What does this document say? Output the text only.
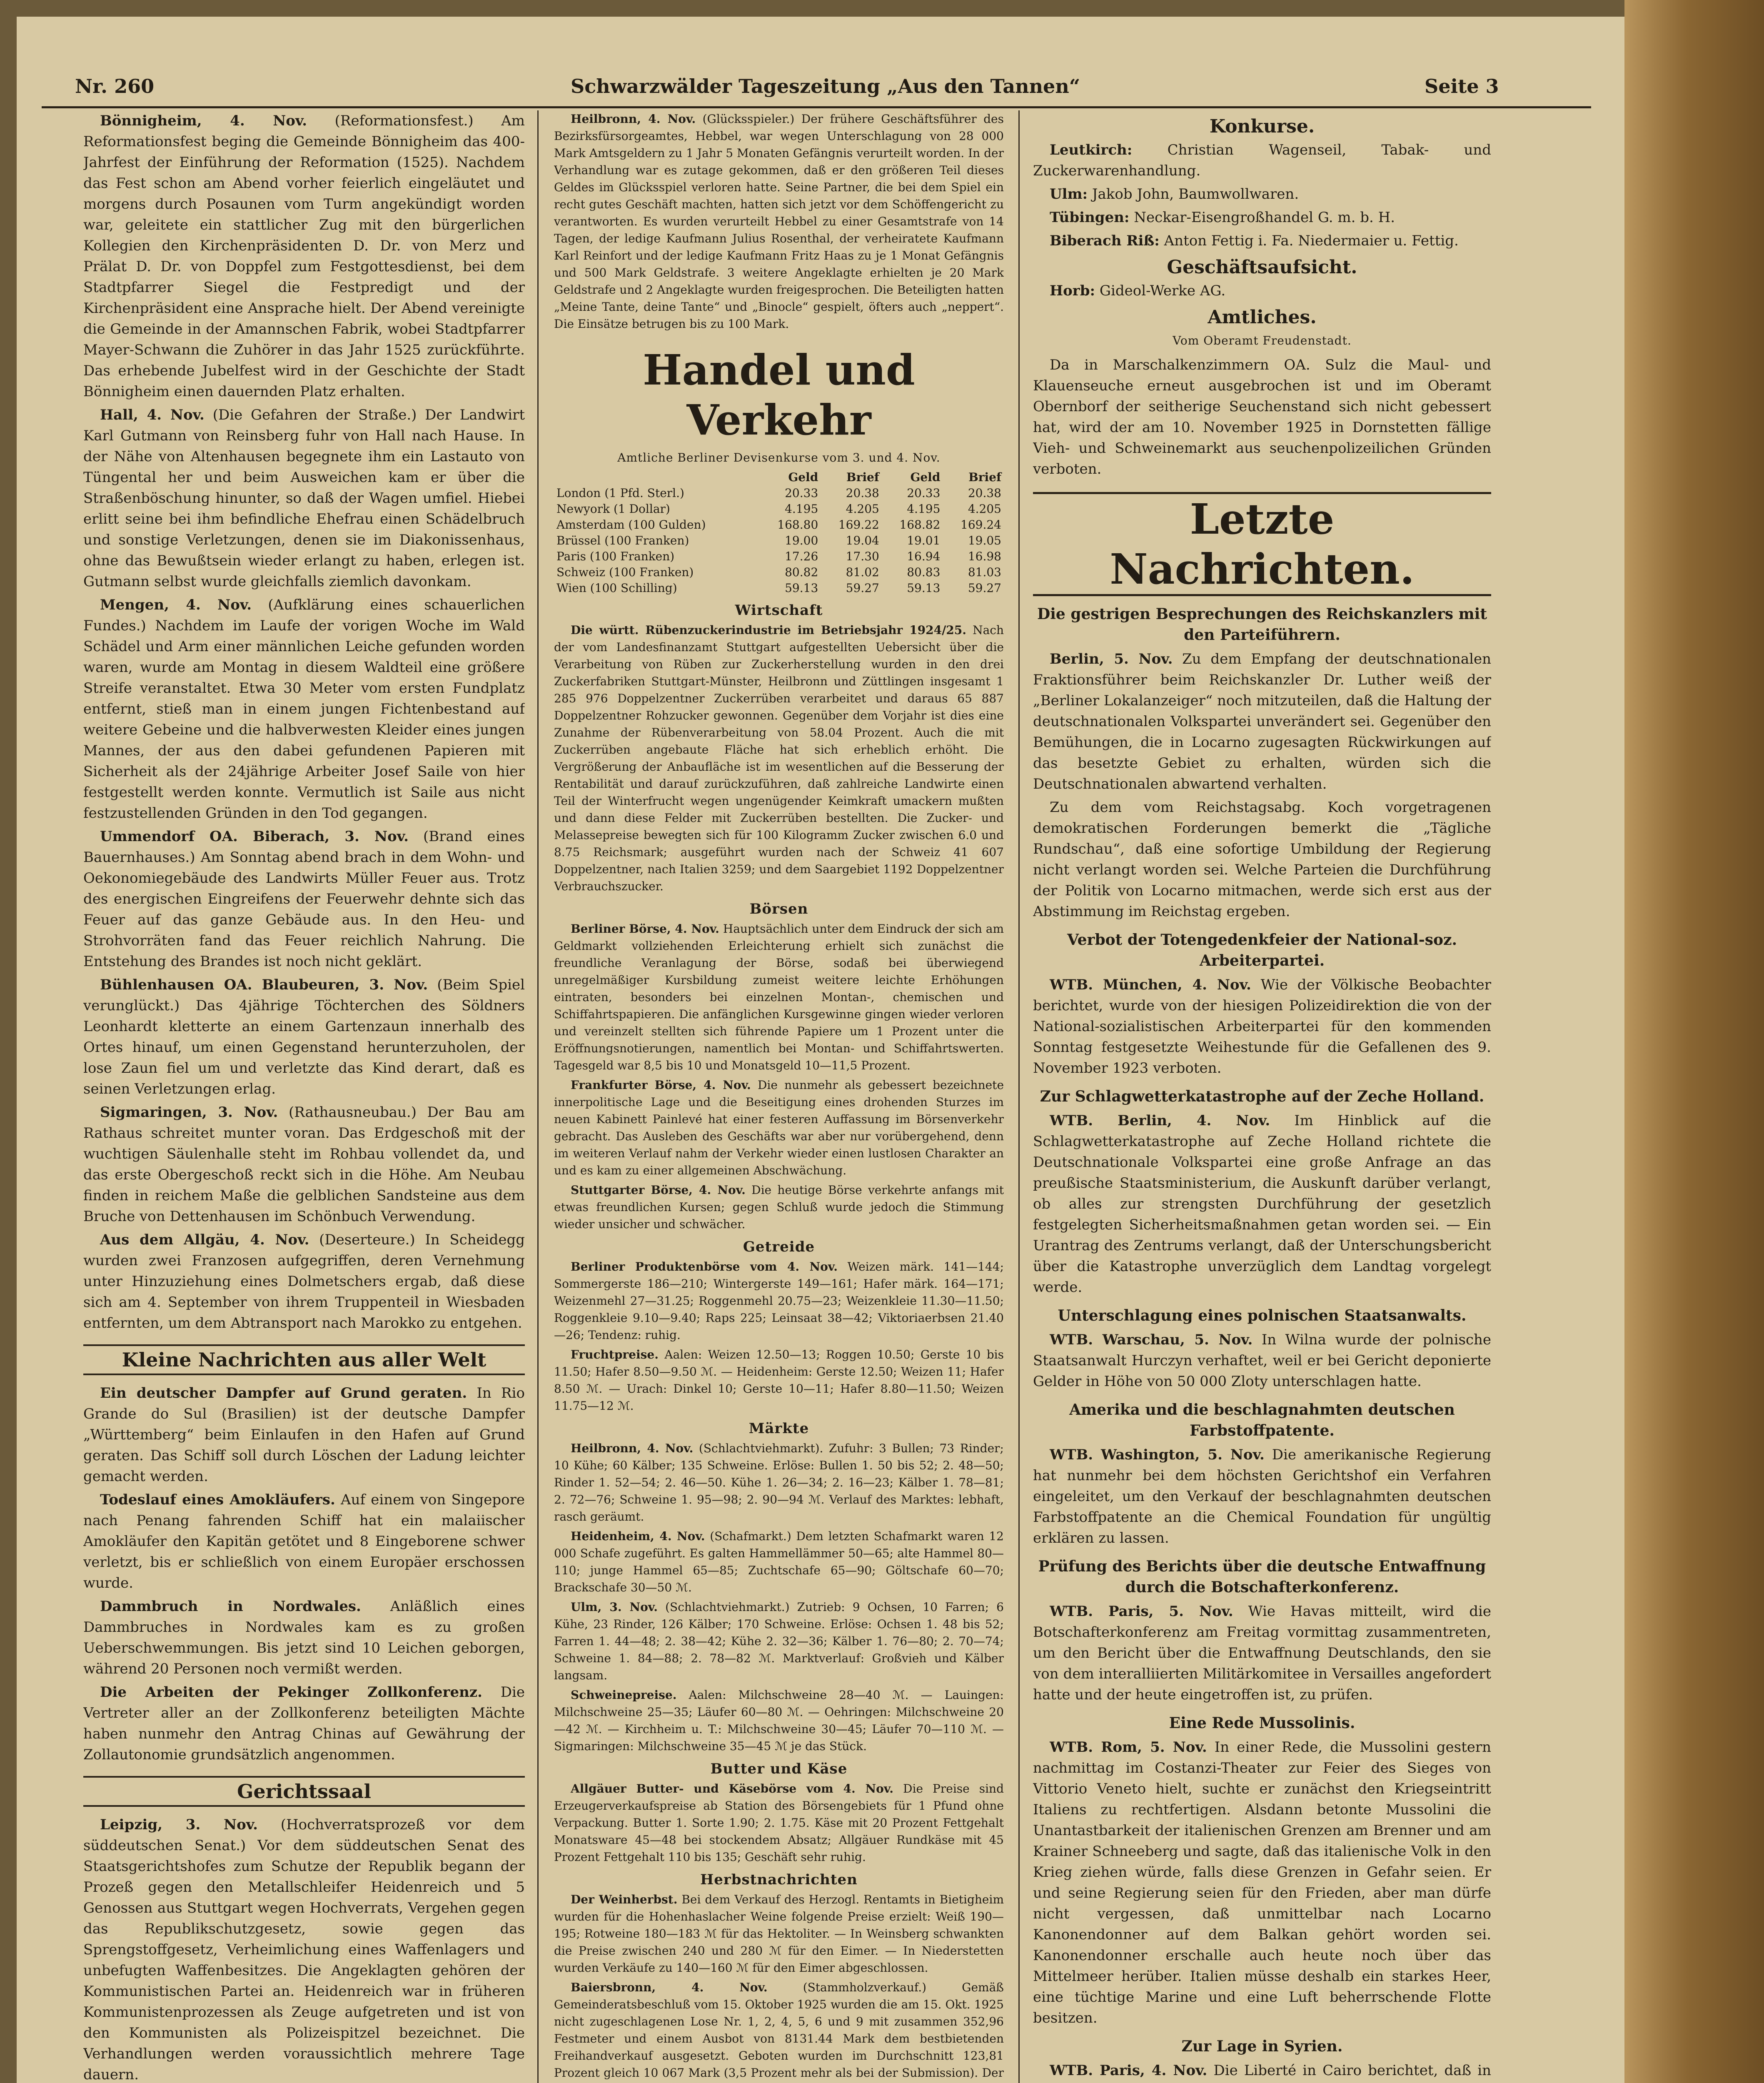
Nr. 260	Schwarzwälder Tageszeitung „Aus den Tannen“	Seite 3

Bönnigheim, 4. Nov. (Reformationsfest.) Am Reformationsfest beging die Gemeinde Bönnigheim das 400-Jahrfest der Einführung der Reformation (1525). Nachdem das Fest schon am Abend vorher feierlich eingeläutet und morgens durch Posaunen vom Turm angekündigt worden war, geleitete ein stattlicher Zug mit den bürgerlichen Kollegien den Kirchenpräsidenten D. Dr. von Merz und Prälat D. Dr. von Doppfel zum Festgottesdienst, bei dem Stadtpfarrer Siegel die Festpredigt und der Kirchenpräsident eine Ansprache hielt. Der Abend vereinigte die Gemeinde in der Amannschen Fabrik, wobei Stadtpfarrer Mayer-Schwann die Zuhörer in das Jahr 1525 zurückführte. Das erhebende Jubelfest wird in der Geschichte der Stadt Bönnigheim einen dauernden Platz erhalten.

Hall, 4. Nov. (Die Gefahren der Straße.) Der Landwirt Karl Gutmann von Reinsberg fuhr von Hall nach Hause. In der Nähe von Altenhausen begegnete ihm ein Lastauto von Tüngental her und beim Ausweichen kam er über die Straßenböschung hinunter, so daß der Wagen umfiel. Hiebei erlitt seine bei ihm befindliche Ehefrau einen Schädelbruch und sonstige Verletzungen, denen sie im Diakonissenhaus, ohne das Bewußtsein wieder erlangt zu haben, erlegen ist. Gutmann selbst wurde gleichfalls ziemlich davonkam.

Mengen, 4. Nov. (Aufklärung eines schauerlichen Fundes.) Nachdem im Laufe der vorigen Woche im Wald Schädel und Arm einer männlichen Leiche gefunden worden waren, wurde am Montag in diesem Waldteil eine größere Streife veranstaltet. Etwa 30 Meter vom ersten Fundplatz entfernt, stieß man in einem jungen Fichtenbestand auf weitere Gebeine und die halbverwesten Kleider eines jungen Mannes, der aus den dabei gefundenen Papieren mit Sicherheit als der 24jährige Arbeiter Josef Saile von hier festgestellt werden konnte. Vermutlich ist Saile aus nicht festzustellenden Gründen in den Tod gegangen.

Ummendorf OA. Biberach, 3. Nov. (Brand eines Bauernhauses.) Am Sonntag abend brach in dem Wohn- und Oekonomiegebäude des Landwirts Müller Feuer aus. Trotz des energischen Eingreifens der Feuerwehr dehnte sich das Feuer auf das ganze Gebäude aus. In den Heu- und Strohvorräten fand das Feuer reichlich Nahrung. Die Entstehung des Brandes ist noch nicht geklärt.

Bühlenhausen OA. Blaubeuren, 3. Nov. (Beim Spiel verunglückt.) Das 4jährige Töchterchen des Söldners Leonhardt kletterte an einem Gartenzaun innerhalb des Ortes hinauf, um einen Gegenstand herunterzuholen, der lose Zaun fiel um und verletzte das Kind derart, daß es seinen Verletzungen erlag.

Sigmaringen, 3. Nov. (Rathausneubau.) Der Bau am Rathaus schreitet munter voran. Das Erdgeschoß mit der wuchtigen Säulenhalle steht im Rohbau vollendet da, und das erste Obergeschoß reckt sich in die Höhe. Am Neubau finden in reichem Maße die gelblichen Sandsteine aus dem Bruche von Dettenhausen im Schönbuch Verwendung.

Aus dem Allgäu, 4. Nov. (Deserteure.) In Scheidegg wurden zwei Franzosen aufgegriffen, deren Vernehmung unter Hinzuziehung eines Dolmetschers ergab, daß diese sich am 4. September von ihrem Truppenteil in Wiesbaden entfernten, um dem Abtransport nach Marokko zu entgehen.

Kleine Nachrichten aus aller Welt

Ein deutscher Dampfer auf Grund geraten. In Rio Grande do Sul (Brasilien) ist der deutsche Dampfer „Württemberg“ beim Einlaufen in den Hafen auf Grund geraten. Das Schiff soll durch Löschen der Ladung leichter gemacht werden.

Todeslauf eines Amokläufers. Auf einem von Singepore nach Penang fahrenden Schiff hat ein malaiischer Amokläufer den Kapitän getötet und 8 Eingeborene schwer verletzt, bis er schließlich von einem Europäer erschossen wurde.

Dammbruch in Nordwales. Anläßlich eines Dammbruches in Nordwales kam es zu großen Ueberschwemmungen. Bis jetzt sind 10 Leichen geborgen, während 20 Personen noch vermißt werden.

Die Arbeiten der Pekinger Zollkonferenz. Die Vertreter aller an der Zollkonferenz beteiligten Mächte haben nunmehr den Antrag Chinas auf Gewährung der Zollautonomie grundsätzlich angenommen.

Gerichtssaal

Leipzig, 3. Nov. (Hochverratsprozeß vor dem süddeutschen Senat.) Vor dem süddeutschen Senat des Staatsgerichtshofes zum Schutze der Republik begann der Prozeß gegen den Metallschleifer Heidenreich und 5 Genossen aus Stuttgart wegen Hochverrats, Vergehen gegen das Republikschutzgesetz, sowie gegen das Sprengstoffgesetz, Verheimlichung eines Waffenlagers und unbefugten Waffenbesitzes. Die Angeklagten gehören der Kommunistischen Partei an. Heidenreich war in früheren Kommunistenprozessen als Zeuge aufgetreten und ist von den Kommunisten als Polizeispitzel bezeichnet. Die Verhandlungen werden voraussichtlich mehrere Tage dauern.

Heilbronn, 4. Nov. (Glücksspieler.) Der frühere Geschäftsführer des Bezirksfürsorgeamtes, Hebbel, war wegen Unterschlagung von 28 000 Mark Amtsgeldern zu 1 Jahr 5 Monaten Gefängnis verurteilt worden. In der Verhandlung war es zutage gekommen, daß er den größeren Teil dieses Geldes im Glücksspiel verloren hatte. Seine Partner, die bei dem Spiel ein recht gutes Geschäft machten, hatten sich jetzt vor dem Schöffengericht zu verantworten. Es wurden verurteilt Hebbel zu einer Gesamtstrafe von 14 Tagen, der ledige Kaufmann Julius Rosenthal, der verheiratete Kaufmann Karl Reinfort und der ledige Kaufmann Fritz Haas zu je 1 Monat Gefängnis und 500 Mark Geldstrafe. 3 weitere Angeklagte erhielten je 20 Mark Geldstrafe und 2 Angeklagte wurden freigesprochen. Die Beteiligten hatten „Meine Tante, deine Tante“ und „Binocle“ gespielt, öfters auch „neppert“. Die Einsätze betrugen bis zu 100 Mark.

Handel und Verkehr
Amtliche Berliner Devisenkurse vom 3. und 4. Nov.
	Geld	Brief	Geld	Brief
London (1 Pfd. Sterl.)	20.33	20.38	20.33	20.38
Newyork (1 Dollar)	4.195	4.205	4.195	4.205
Amsterdam (100 Gulden)	168.80	169.22	168.82	169.24
Brüssel (100 Franken)	19.00	19.04	19.01	19.05
Paris (100 Franken)	17.26	17.30	16.94	16.98
Schweiz (100 Franken)	80.82	81.02	80.83	81.03
Wien (100 Schilling)	59.13	59.27	59.13	59.27
Wirtschaft

Die württ. Rübenzuckerindustrie im Betriebsjahr 1924/25. Nach der vom Landesfinanzamt Stuttgart aufgestellten Uebersicht über die Verarbeitung von Rüben zur Zuckerherstellung wurden in den drei Zuckerfabriken Stuttgart-Münster, Heilbronn und Züttlingen insgesamt 1 285 976 Doppelzentner Zuckerrüben verarbeitet und daraus 65 887 Doppelzentner Rohzucker gewonnen. Gegenüber dem Vorjahr ist dies eine Zunahme der Rübenverarbeitung von 58.04 Prozent. Auch die mit Zuckerrüben angebaute Fläche hat sich erheblich erhöht. Die Vergrößerung der Anbaufläche ist im wesentlichen auf die Besserung der Rentabilität und darauf zurückzuführen, daß zahlreiche Landwirte einen Teil der Winterfrucht wegen ungenügender Keimkraft umackern mußten und dann diese Felder mit Zuckerrüben bestellten. Die Zucker- und Melassepreise bewegten sich für 100 Kilogramm Zucker zwischen 6.0 und 8.75 Reichsmark; ausgeführt wurden nach der Schweiz 41 607 Doppelzentner, nach Italien 3259; und dem Saargebiet 1192 Doppelzentner Verbrauchszucker.

Börsen

Berliner Börse, 4. Nov. Hauptsächlich unter dem Eindruck der sich am Geldmarkt vollziehenden Erleichterung erhielt sich zunächst die freundliche Veranlagung der Börse, sodaß bei überwiegend unregelmäßiger Kursbildung zumeist weitere leichte Erhöhungen eintraten, besonders bei einzelnen Montan-, chemischen und Schiffahrtspapieren. Die anfänglichen Kursgewinne gingen wieder verloren und vereinzelt stellten sich führende Papiere um 1 Prozent unter die Eröffnungsnotierungen, namentlich bei Montan- und Schiffahrtswerten. Tagesgeld war 8,5 bis 10 und Monatsgeld 10—11,5 Prozent.

Frankfurter Börse, 4. Nov. Die nunmehr als gebessert bezeichnete innerpolitische Lage und die Beseitigung eines drohenden Sturzes im neuen Kabinett Painlevé hat einer festeren Auffassung im Börsenverkehr gebracht. Das Ausleben des Geschäfts war aber nur vorübergehend, denn im weiteren Verlauf nahm der Verkehr wieder einen lustlosen Charakter an und es kam zu einer allgemeinen Abschwächung.

Stuttgarter Börse, 4. Nov. Die heutige Börse verkehrte anfangs mit etwas freundlichen Kursen; gegen Schluß wurde jedoch die Stimmung wieder unsicher und schwächer.

Getreide

Berliner Produktenbörse vom 4. Nov. Weizen märk. 141—144; Sommergerste 186—210; Wintergerste 149—161; Hafer märk. 164—171; Weizenmehl 27—31.25; Roggenmehl 20.75—23; Weizenkleie 11.30—11.50; Roggenkleie 9.10—9.40; Raps 225; Leinsaat 38—42; Viktoriaerbsen 21.40—26; Tendenz: ruhig.

Fruchtpreise. Aalen: Weizen 12.50—13; Roggen 10.50; Gerste 10 bis 11.50; Hafer 8.50—9.50 ℳ. — Heidenheim: Gerste 12.50; Weizen 11; Hafer 8.50 ℳ. — Urach: Dinkel 10; Gerste 10—11; Hafer 8.80—11.50; Weizen 11.75—12 ℳ.

Märkte

Heilbronn, 4. Nov. (Schlachtviehmarkt). Zufuhr: 3 Bullen; 73 Rinder; 10 Kühe; 60 Kälber; 135 Schweine. Erlöse: Bullen 1. 50 bis 52; 2. 48—50; Rinder 1. 52—54; 2. 46—50. Kühe 1. 26—34; 2. 16—23; Kälber 1. 78—81; 2. 72—76; Schweine 1. 95—98; 2. 90—94 ℳ. Verlauf des Marktes: lebhaft, rasch geräumt.

Heidenheim, 4. Nov. (Schafmarkt.) Dem letzten Schafmarkt waren 12 000 Schafe zugeführt. Es galten Hammellämmer 50—65; alte Hammel 80—110; junge Hammel 65—85; Zuchtschafe 65—90; Göltschafe 60—70; Brackschafe 30—50 ℳ.

Ulm, 3. Nov. (Schlachtviehmarkt.) Zutrieb: 9 Ochsen, 10 Farren; 6 Kühe, 23 Rinder, 126 Kälber; 170 Schweine. Erlöse: Ochsen 1. 48 bis 52; Farren 1. 44—48; 2. 38—42; Kühe 2. 32—36; Kälber 1. 76—80; 2. 70—74; Schweine 1. 84—88; 2. 78—82 ℳ. Marktverlauf: Großvieh und Kälber langsam.

Schweinepreise. Aalen: Milchschweine 28—40 ℳ. — Lauingen: Milchschweine 25—35; Läufer 60—80 ℳ. — Oehringen: Milchschweine 20—42 ℳ. — Kirchheim u. T.: Milchschweine 30—45; Läufer 70—110 ℳ. — Sigmaringen: Milchschweine 35—45 ℳ je das Stück.

Butter und Käse

Allgäuer Butter- und Käsebörse vom 4. Nov. Die Preise sind Erzeugerverkaufspreise ab Station des Börsengebiets für 1 Pfund ohne Verpackung. Butter 1. Sorte 1.90; 2. 1.75. Käse mit 20 Prozent Fettgehalt Monatsware 45—48 bei stockendem Absatz; Allgäuer Rundkäse mit 45 Prozent Fettgehalt 110 bis 135; Geschäft sehr ruhig.

Herbstnachrichten

Der Weinherbst. Bei dem Verkauf des Herzogl. Rentamts in Bietigheim wurden für die Hohenhaslacher Weine folgende Preise erzielt: Weiß 190—195; Rotweine 180—183 ℳ für das Hektoliter. — In Weinsberg schwankten die Preise zwischen 240 und 280 ℳ für den Eimer. — In Niederstetten wurden Verkäufe zu 140—160 ℳ für den Eimer abgeschlossen.

Baiersbronn, 4. Nov.	(Stammholzverkauf.) Gemäß Gemeinderatsbeschluß vom 15. Oktober 1925 wurden die am 15. Okt. 1925 nicht zugeschlagenen Lose Nr. 1, 2, 4, 5, 6 und 9 mit zusammen 352,96 Festmeter und einem Ausbot von 8131.44 Mark dem bestbietenden Freihandverkauf ausgesetzt. Geboten wurden im Durchschnitt 123,81 Prozent gleich 10 067 Mark (3,5 Prozent mehr als bei der Submission). Der

Konkurse.

Leutkirch: Christian Wagenseil, Tabak- und Zuckerwarenhandlung.

Ulm: Jakob John, Baumwollwaren.

Tübingen: Neckar-Eisengroßhandel G. m. b. H.

Biberach Riß: Anton Fettig i. Fa. Niedermaier u. Fettig.

Geschäftsaufsicht.

Horb: Gideol-Werke AG.

Amtliches.
Vom Oberamt Freudenstadt.

Da in Marschalkenzimmern OA. Sulz die Maul- und Klauenseuche erneut ausgebrochen ist und im Oberamt Obernborf der seitherige Seuchenstand sich nicht gebessert hat, wird der am 10. November 1925 in Dornstetten fällige Vieh- und Schweinemarkt aus seuchenpolizeilichen Gründen verboten.

Letzte Nachrichten.
Die gestrigen Besprechungen des Reichskanzlers mit den Parteiführern.

Berlin, 5. Nov. Zu dem Empfang der deutschnationalen Fraktionsführer beim Reichskanzler Dr. Luther weiß der „Berliner Lokalanzeiger“ noch mitzuteilen, daß die Haltung der deutschnationalen Volkspartei unverändert sei. Gegenüber den Bemühungen, die in Locarno zugesagten Rückwirkungen auf das besetzte Gebiet zu erhalten, würden sich die Deutschnationalen abwartend verhalten.

Zu dem vom Reichstagsabg. Koch vorgetragenen demokratischen Forderungen bemerkt die „Tägliche Rundschau“, daß eine sofortige Umbildung der Regierung nicht verlangt worden sei. Welche Parteien die Durchführung der Politik von Locarno mitmachen, werde sich erst aus der Abstimmung im Reichstag ergeben.

Verbot der Totengedenkfeier der National-soz. Arbeiterpartei.

WTB. München, 4. Nov. Wie der Völkische Beobachter berichtet, wurde von der hiesigen Polizeidirektion die von der National-sozialistischen Arbeiterpartei für den kommenden Sonntag festgesetzte Weihestunde für die Gefallenen des 9. November 1923 verboten.

Zur Schlagwetterkatastrophe auf der Zeche Holland.

WTB. Berlin, 4. Nov. Im Hinblick auf die Schlagwetterkatastrophe auf Zeche Holland richtete die Deutschnationale Volkspartei eine große Anfrage an das preußische Staatsministerium, die Auskunft darüber verlangt, ob alles zur strengsten Durchführung der gesetzlich festgelegten Sicherheitsmaßnahmen getan worden sei. — Ein Urantrag des Zentrums verlangt, daß der Unterschungsbericht über die Katastrophe unverzüglich dem Landtag vorgelegt werde.

Unterschlagung eines polnischen Staatsanwalts.

WTB. Warschau, 5. Nov. In Wilna wurde der polnische Staatsanwalt Hurczyn verhaftet, weil er bei Gericht deponierte Gelder in Höhe von 50 000 Zloty unterschlagen hatte.

Amerika und die beschlagnahmten deutschen Farbstoffpatente.

WTB. Washington, 5. Nov. Die amerikanische Regierung hat nunmehr bei dem höchsten Gerichtshof ein Verfahren eingeleitet, um den Verkauf der beschlagnahmten deutschen Farbstoffpatente an die Chemical Foundation für ungültig erklären zu lassen.

Prüfung des Berichts über die deutsche Entwaffnung durch die Botschafterkonferenz.

WTB. Paris, 5. Nov. Wie Havas mitteilt, wird die Botschafterkonferenz am Freitag vormittag zusammentreten, um den Bericht über die Entwaffnung Deutschlands, den sie von dem interalliierten Militärkomitee in Versailles angefordert hatte und der heute eingetroffen ist, zu prüfen.

Eine Rede Mussolinis.

WTB. Rom, 5. Nov. In einer Rede, die Mussolini gestern nachmittag im Costanzi-Theater zur Feier des Sieges von Vittorio Veneto hielt, suchte er zunächst den Kriegseintritt Italiens zu rechtfertigen. Alsdann betonte Mussolini die Unantastbarkeit der italienischen Grenzen am Brenner und am Krainer Schneeberg und sagte, daß das italienische Volk in den Krieg ziehen würde, falls diese Grenzen in Gefahr seien. Er und seine Regierung seien für den Frieden, aber man dürfe nicht vergessen, daß unmittelbar nach Locarno Kanonendonner auf dem Balkan gehört worden sei. Kanonendonner erschalle auch heute noch über das Mittelmeer herüber. Italien müsse deshalb ein starkes Heer, eine tüchtige Marine und eine Luft beherrschende Flotte besitzen.

Zur Lage in Syrien.

WTB. Paris, 4. Nov. Die Liberté in Cairo berichtet, daß in
